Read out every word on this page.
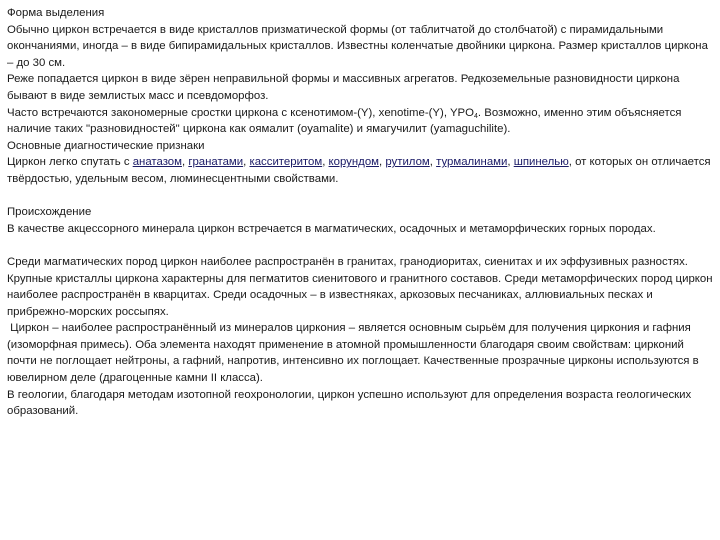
Форма выделения

Обычно циркон встречается в виде кристаллов призматической формы (от таблитчатой до столбчатой) с пирамидальными окончаниями, иногда – в виде бипирамидальных кристаллов. Известны коленчатые двойники циркона. Размер кристаллов циркона – до 30 см.

Реже попадается циркон в виде зёрен неправильной формы и массивных агрегатов. Редкоземельные разновидности циркона бывают в виде землистых масс и псевдоморфоз.

Часто встречаются закономерные сростки циркона с ксенотимом-(Y), xenotime-(Y), $YPO_4$. Возможно, именно этим объясняется наличие таких "разновидностей" циркона как оямалит (oyamalite) и ямагучилит (yamaguchilite).

Основные диагностические признаки

Циркон легко спутать с анатазом, гранатами, касситеритом, корундом, рутилом, турмалинами, шпинелью, от которых он отличается твёрдостью, удельным весом, люминесцентными свойствами.

Происхождение

В качестве акцессорного минерала циркон встречается в магматических, осадочных и метаморфических горных породах.

Среди магматических пород циркон наиболее распространён в гранитах, гранодиоритах, сиенитах и их эффузивных разностях. Крупные кристаллы циркона характерны для пегматитов сиенитового и гранитного составов. Среди метаморфических пород циркон наиболее распространён в кварцитах. Среди осадочных – в известняках, аркозовых песчаниках, аллювиальных песках и прибрежно-морских россыпях.

Циркон – наиболее распространённый из минералов циркония – является основным сырьём для получения циркония и гафния (изоморфная примесь). Оба элемента находят применение в атомной промышленности благодаря своим свойствам: цирконий почти не поглощает нейтроны, а гафний, напротив, интенсивно их поглощает. Качественные прозрачные цирконы используются в ювелирном деле (драгоценные камни II класса).

В геологии, благодаря методам изотопной геохронологии, циркон успешно используют для определения возраста геологических образований.
